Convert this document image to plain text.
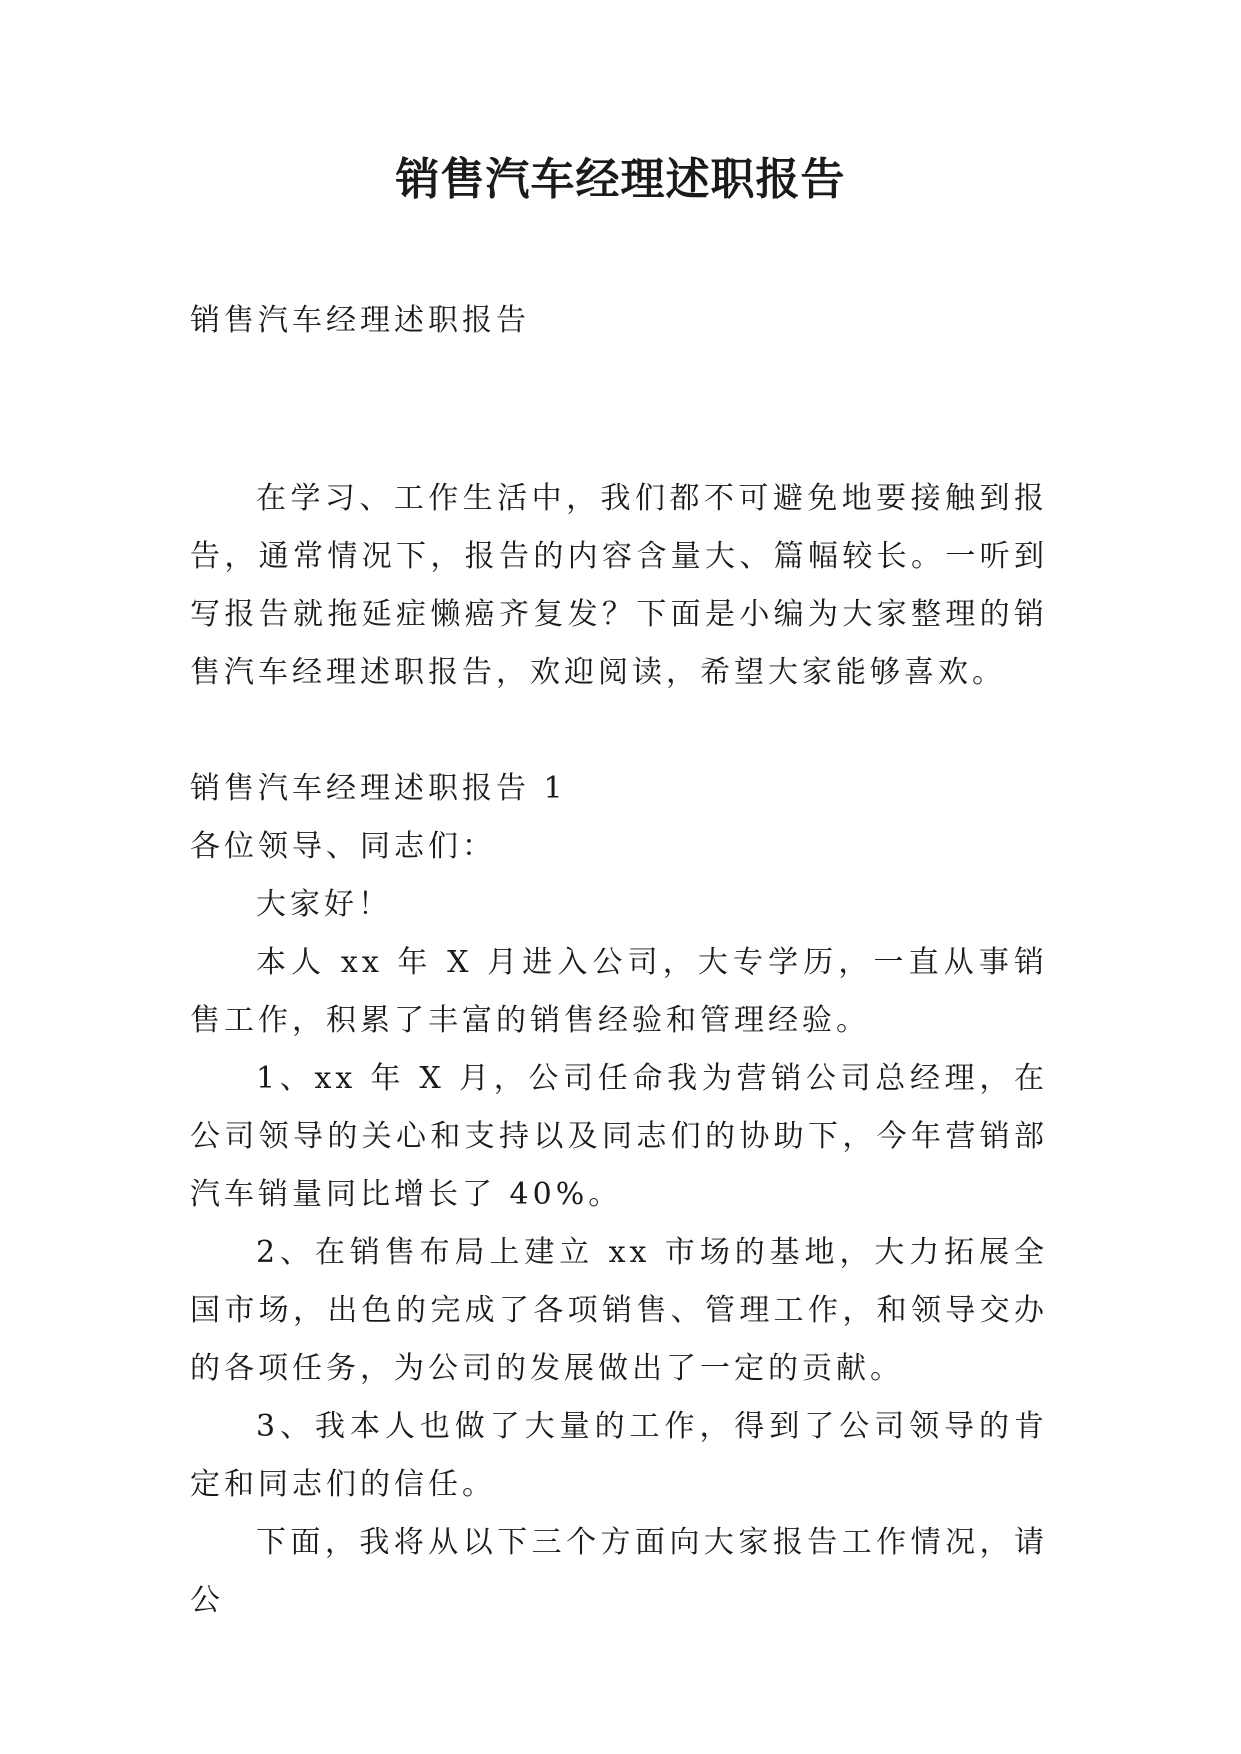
销售汽车经理述职报告

销售汽车经理述职报告

在学习、工作生活中，我们都不可避免地要接触到报告，通常情况下，报告的内容含量大、篇幅较长。一听到写报告就拖延症懒癌齐复发？下面是小编为大家整理的销售汽车经理述职报告，欢迎阅读，希望大家能够喜欢。

销售汽车经理述职报告 1

各位领导、同志们：

大家好！

本人 xx 年 X 月进入公司，大专学历，一直从事销售工作，积累了丰富的销售经验和管理经验。

1、xx 年 X 月，公司任命我为营销公司总经理，在公司领导的关心和支持以及同志们的协助下，今年营销部汽车销量同比增长了 40%。

2、在销售布局上建立 xx 市场的基地，大力拓展全国市场，出色的完成了各项销售、管理工作，和领导交办的各项任务，为公司的发展做出了一定的贡献。

3、我本人也做了大量的工作，得到了公司领导的肯定和同志们的信任。

下面，我将从以下三个方面向大家报告工作情况，请公
